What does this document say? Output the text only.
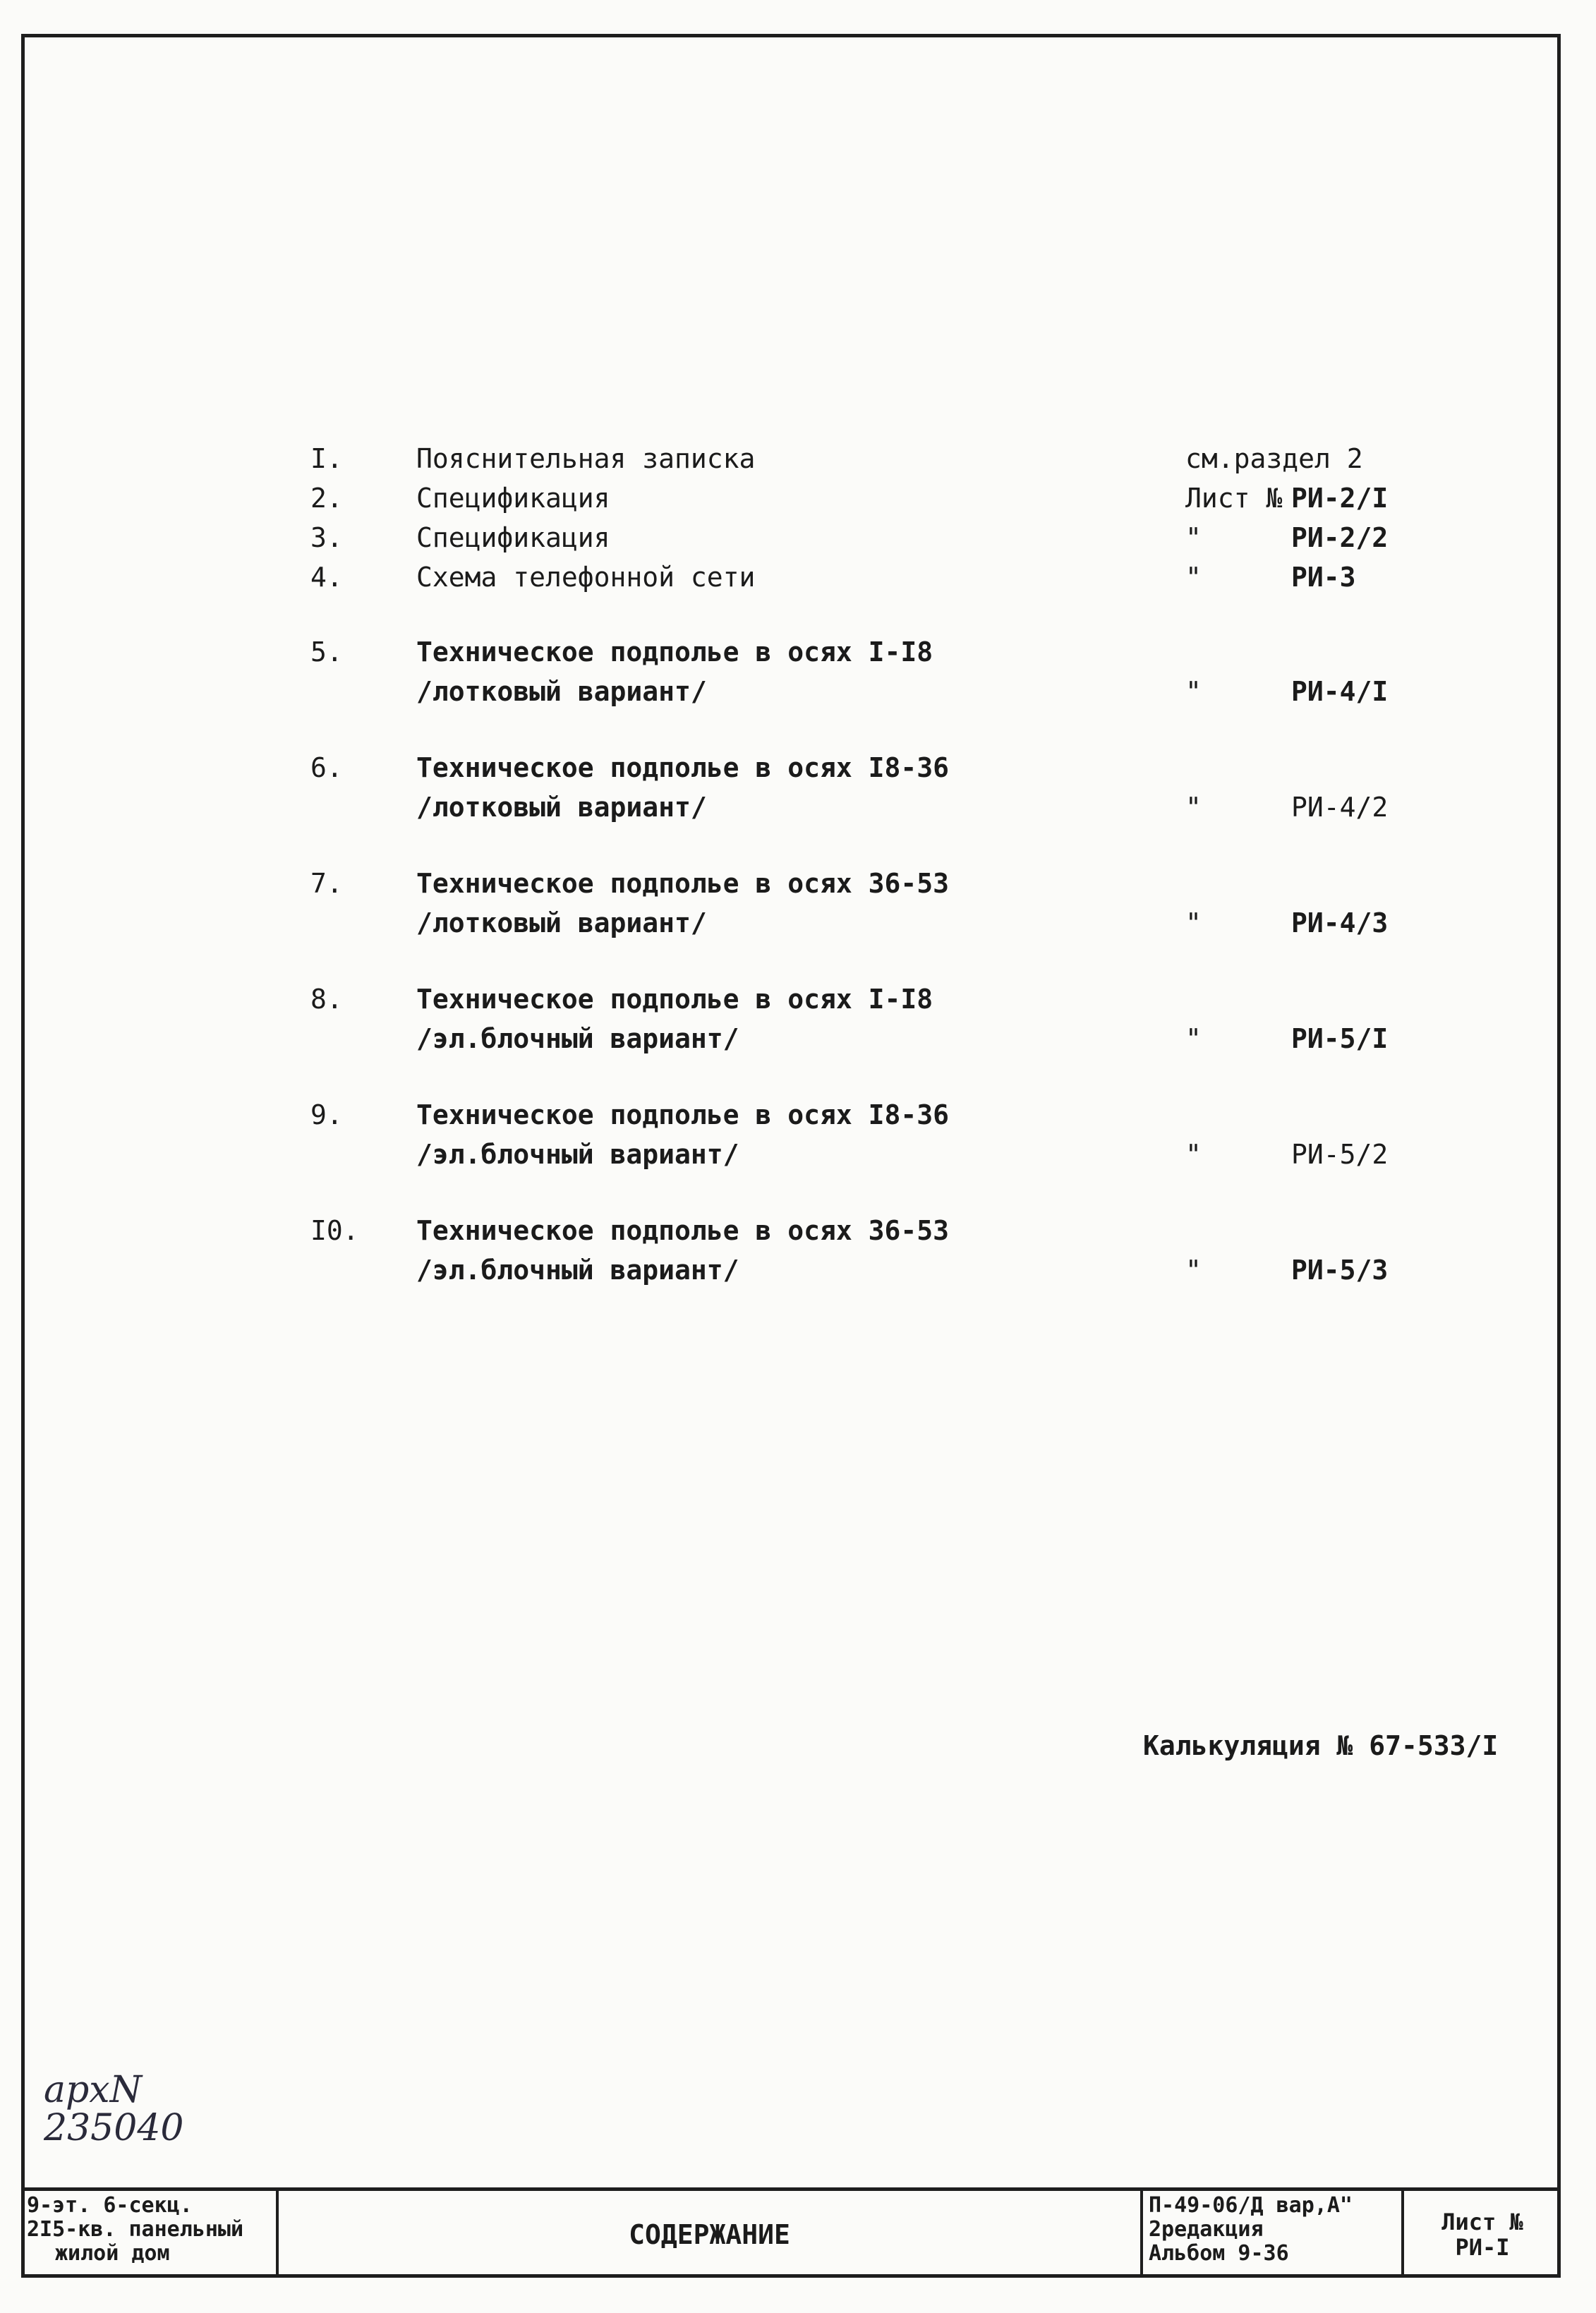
I.	Пояснительная записка	см.раздел 2
2.	Спецификация	Лист № РИ-2/I
3.	Спецификация	"	РИ-2/2
4.	Схема телефонной сети	"	РИ-3
5.	Техническое подполье в осях I-I8
/лотковый вариант/	"	РИ-4/I
6.	Техническое подполье в осях I8-36
/лотковый вариант/	"	РИ-4/2
7.	Техническое подполье в осях 36-53
/лотковый вариант/	"	РИ-4/3
8.	Техническое подполье в осях I-I8
/эл.блочный вариант/	"	РИ-5/I
9.	Техническое подполье в осях I8-36
/эл.блочный вариант/	"	РИ-5/2
I0.	Техническое подполье в осях 36-53
/эл.блочный вариант/	"	РИ-5/3
Калькуляция № 67-533/I
архN
235040
9-эт. 6-секц.
2I5-кв. панельный
жилой дом
СОДЕРЖАНИЕ
П-49-06/Д вар,А"
2редакция
Альбом 9-36
Лист №
РИ-I
